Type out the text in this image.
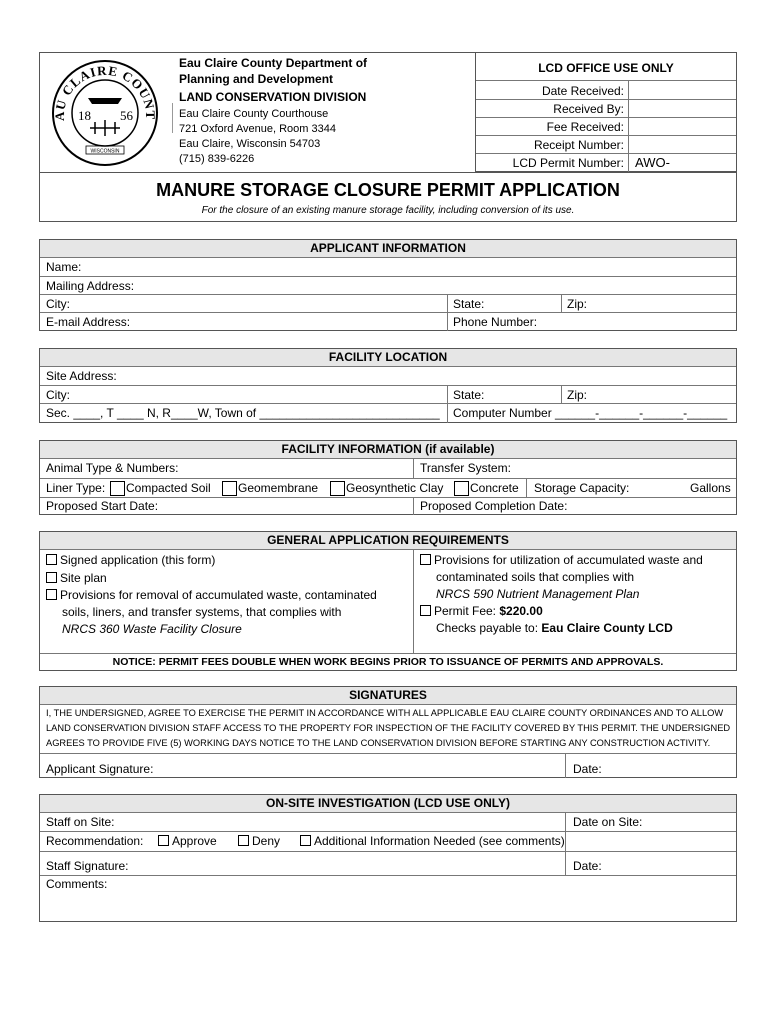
AU CLAIRE COUNT
18 56
WISCONSIN
Eau Claire County Department of
Planning and Development
LAND CONSERVATION DIVISION
Eau Claire County Courthouse
721 Oxford Avenue, Room 3344
Eau Claire, Wisconsin 54703
(715) 839-6226
LCD OFFICE USE ONLY
Date Received:
Received By:
Fee Received:
Receipt Number:
LCD Permit Number: AWO-
MANURE STORAGE CLOSURE PERMIT APPLICATION
For the closure of an existing manure storage facility, including conversion of its use.
APPLICANT INFORMATION
Name:
Mailing Address:
City:	State:	Zip:
E-mail Address:	Phone Number:
FACILITY LOCATION
Site Address:
City:	State:	Zip:
Sec. ____, T ____ N, R____W, Town of ___________________________ Computer Number ______-______-______-______
FACILITY INFORMATION (if available)
Animal Type & Numbers:	Transfer System:
Liner Type: Compacted Soil Geomembrane Geosynthetic Clay Concrete Storage Capacity:	Gallons
Proposed Start Date:	Proposed Completion Date:
GENERAL APPLICATION REQUIREMENTS
Signed application (this form)
Site plan
Provisions for removal of accumulated waste, contaminated
soils, liners, and transfer systems, that complies with
NRCS 360 Waste Facility Closure
Provisions for utilization of accumulated waste and
contaminated soils that complies with
NRCS 590 Nutrient Management Plan
Permit Fee: $220.00
Checks payable to: Eau Claire County LCD
NOTICE: PERMIT FEES DOUBLE WHEN WORK BEGINS PRIOR TO ISSUANCE OF PERMITS AND APPROVALS.
SIGNATURES
I, THE UNDERSIGNED, AGREE TO EXERCISE THE PERMIT IN ACCORDANCE WITH ALL APPLICABLE EAU CLAIRE COUNTY ORDINANCES AND TO ALLOW
LAND CONSERVATION DIVISION STAFF ACCESS TO THE PROPERTY FOR INSPECTION OF THE FACILITY COVERED BY THIS PERMIT. THE UNDERSIGNED
AGREES TO PROVIDE FIVE (5) WORKING DAYS NOTICE TO THE LAND CONSERVATION DIVISION BEFORE STARTING ANY CONSTRUCTION ACTIVITY.
Applicant Signature:	Date:
ON-SITE INVESTIGATION (LCD USE ONLY)
Staff on Site:	Date on Site:
Recommendation:	Approve	Deny	Additional Information Needed (see comments)
Staff Signature:	Date:
Comments:
